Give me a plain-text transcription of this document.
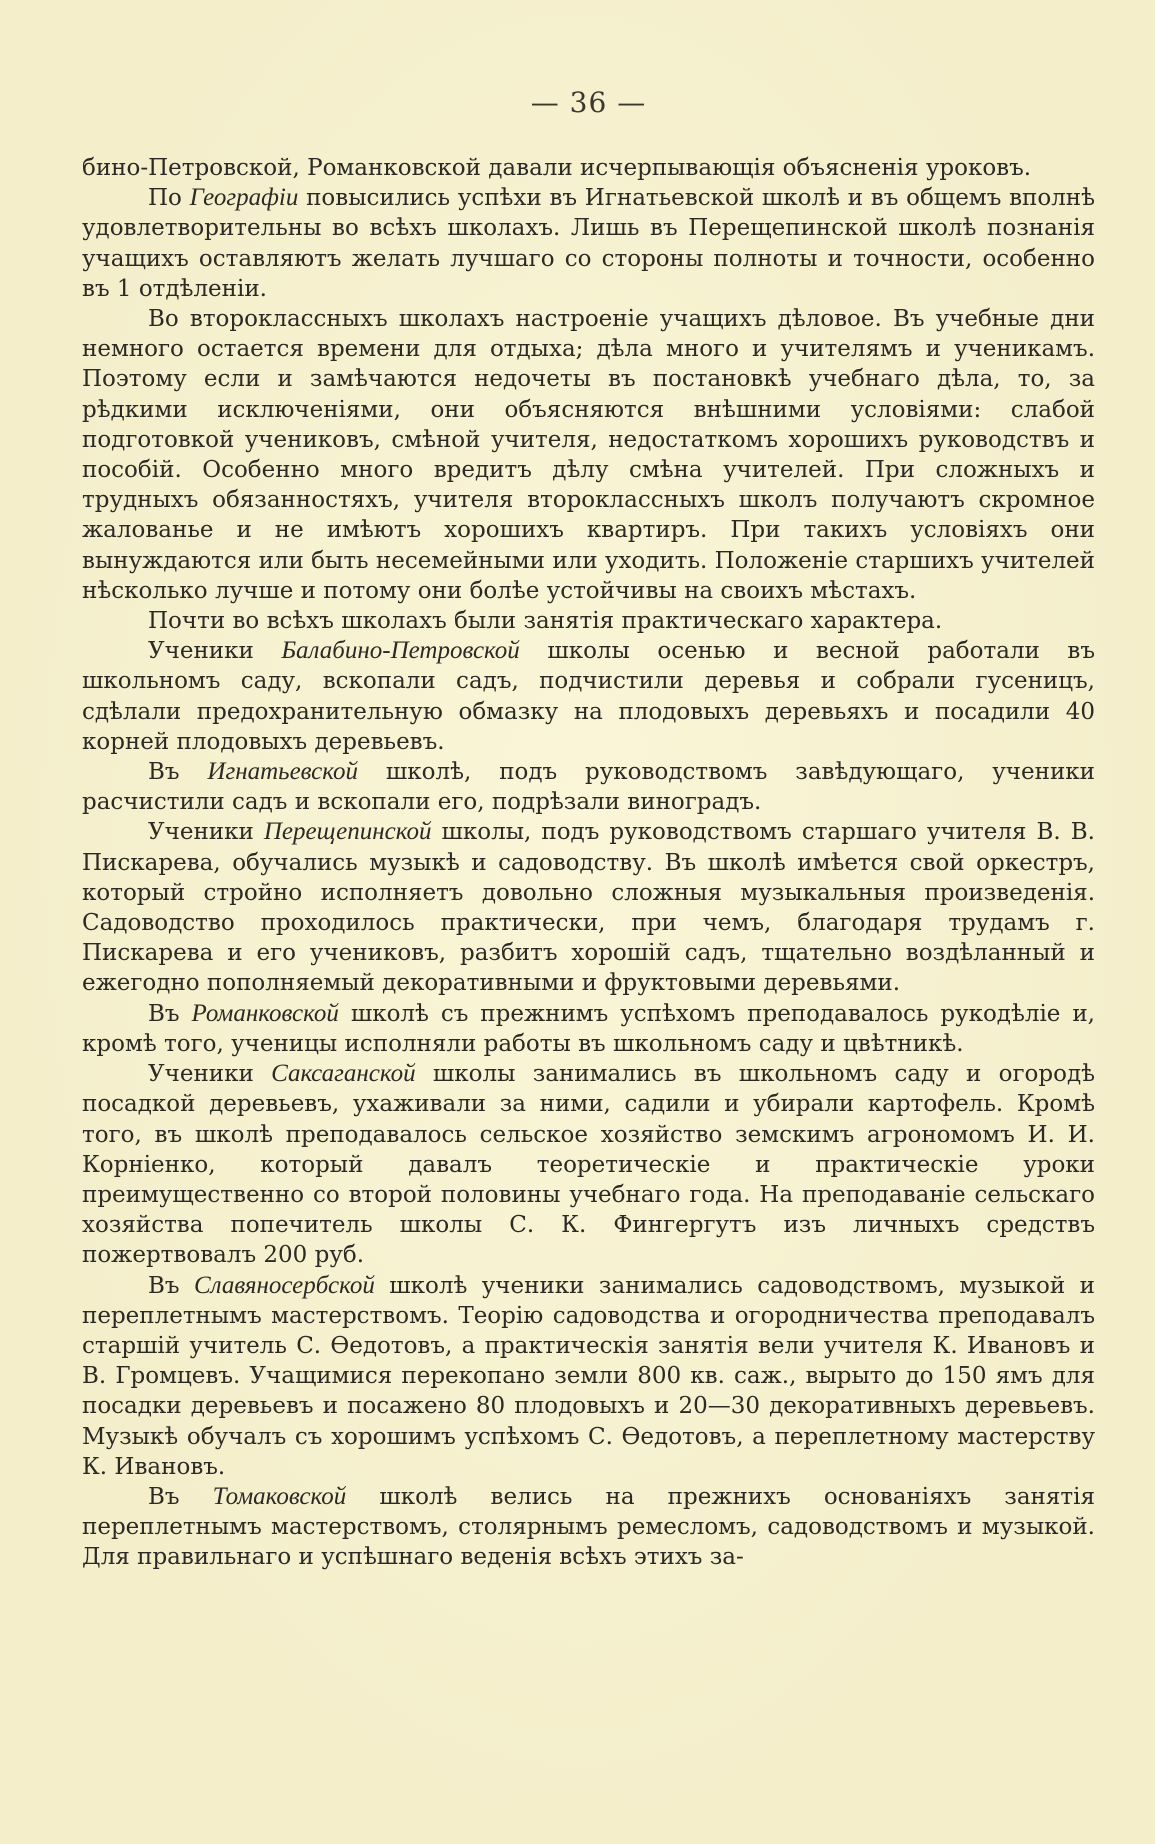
— 36 —

бино-Петровской, Романковской давали исчерпывающія объясненія уроковъ.

По Географіи повысились успѣхи въ Игнатьевской школѣ и въ общемъ вполнѣ удовлетворительны во всѣхъ школахъ. Лишь въ Перещепинской школѣ познанія учащихъ оставляютъ желать лучшаго со стороны полноты и точности, особенно въ 1 отдѣленіи.

Во второклассныхъ школахъ настроеніе учащихъ дѣловое. Въ учебные дни немного остается времени для отдыха; дѣла много и учителямъ и ученикамъ. Поэтому если и замѣчаются недочеты въ постановкѣ учебнаго дѣла, то, за рѣдкими исключеніями, они объясняются внѣшними условіями: слабой подготовкой учениковъ, смѣной учителя, недостаткомъ хорошихъ руководствъ и пособій. Особенно много вредитъ дѣлу смѣна учителей. При сложныхъ и трудныхъ обязанностяхъ, учителя второклассныхъ школъ получаютъ скромное жалованье и не имѣютъ хорошихъ квартиръ. При такихъ условіяхъ они вынуждаются или быть несемейными или уходить. Положеніе старшихъ учителей нѣсколько лучше и потому они болѣе устойчивы на своихъ мѣстахъ.

Почти во всѣхъ школахъ были занятія практическаго характера.

Ученики Балабино-Петровской школы осенью и весной работали въ школьномъ саду, вскопали садъ, подчистили деревья и собрали гусеницъ, сдѣлали предохранительную обмазку на плодовыхъ деревьяхъ и посадили 40 корней плодовыхъ деревьевъ.

Въ Игнатьевской школѣ, подъ руководствомъ завѣдующаго, ученики расчистили садъ и вскопали его, подрѣзали виноградъ.

Ученики Перещепинской школы, подъ руководствомъ старшаго учителя В. В. Пискарева, обучались музыкѣ и садоводству. Въ школѣ имѣется свой оркестръ, который стройно исполняетъ довольно сложныя музыкальныя произведенія. Садоводство проходилось практически, при чемъ, благодаря трудамъ г. Пискарева и его учениковъ, разбитъ хорошій садъ, тщательно воздѣланный и ежегодно пополняемый декоративными и фруктовыми деревьями.

Въ Романковской школѣ съ прежнимъ успѣхомъ преподавалось рукодѣліе и, кромѣ того, ученицы исполняли работы въ школьномъ саду и цвѣтникѣ.

Ученики Саксаганской школы занимались въ школьномъ саду и огородѣ посадкой деревьевъ, ухаживали за ними, садили и убирали картофель. Кромѣ того, въ школѣ преподавалось сельское хозяйство земскимъ агрономомъ И. И. Корніенко, который давалъ теоретическіе и практическіе уроки преимущественно со второй половины учебнаго года. На преподаваніе сельскаго хозяйства попечитель школы С. К. Фингергутъ изъ личныхъ средствъ пожертвовалъ 200 руб.

Въ Славяносербской школѣ ученики занимались садоводствомъ, музыкой и переплетнымъ мастерствомъ. Теорію садоводства и огородничества преподавалъ старшій учитель С. Ѳедотовъ, а практическія занятія вели учителя К. Ивановъ и В. Громцевъ. Учащимися перекопано земли 800 кв. саж., вырыто до 150 ямъ для посадки деревьевъ и посажено 80 плодовыхъ и 20—30 декоративныхъ деревьевъ. Музыкѣ обучалъ съ хорошимъ успѣхомъ С. Ѳедотовъ, а переплетному мастерству К. Ивановъ.

Въ Томаковской школѣ велись на прежнихъ основаніяхъ занятія переплетнымъ мастерствомъ, столярнымъ ремесломъ, садоводствомъ и музыкой. Для правильнаго и успѣшнаго веденія всѣхъ этихъ за-
